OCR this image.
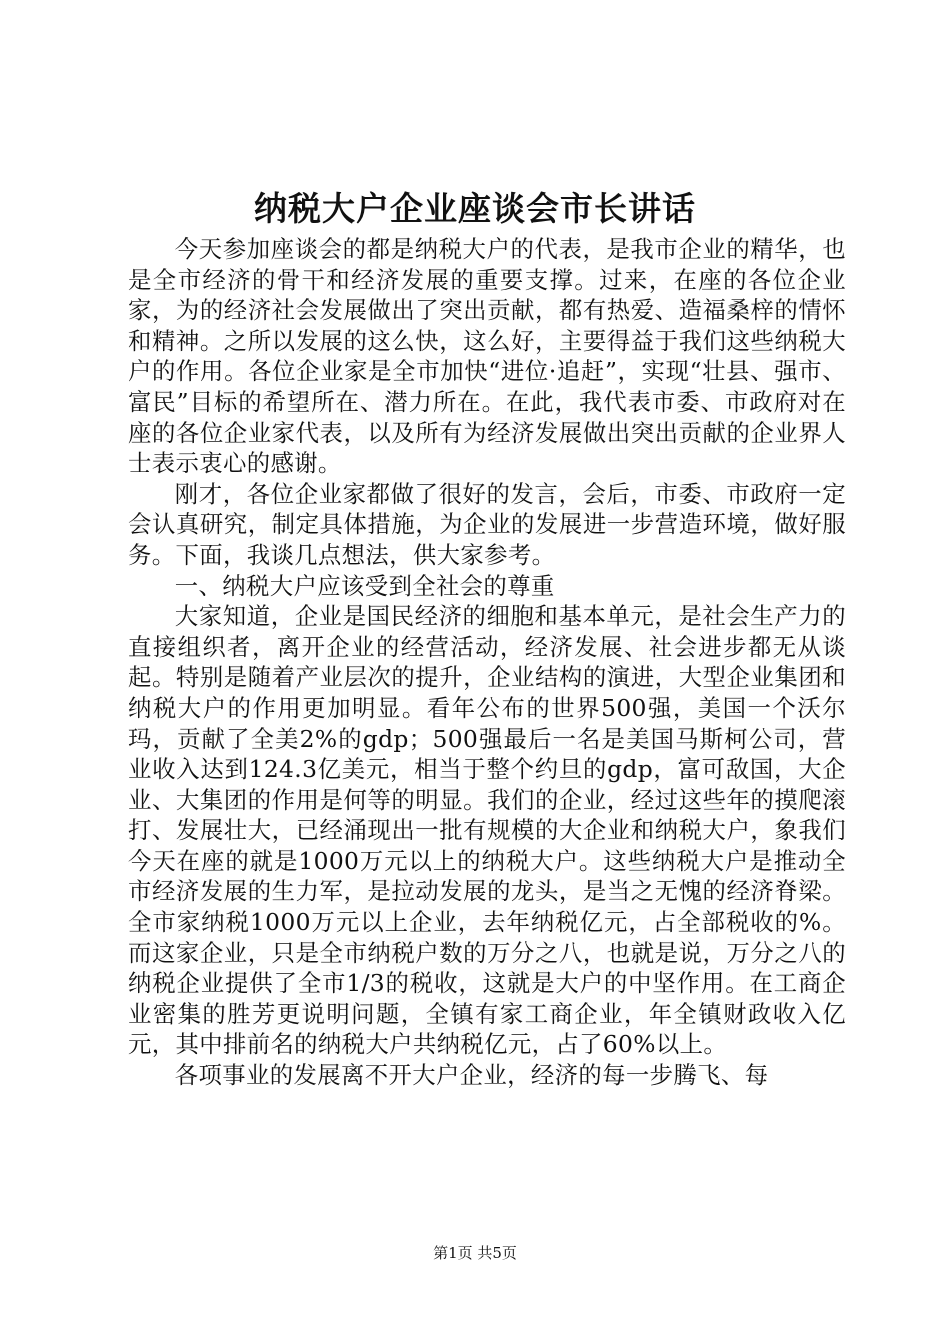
纳税大户企业座谈会市长讲话

今天参加座谈会的都是纳税大户的代表，是我市企业的精华，也是全市经济的骨干和经济发展的重要支撑。过来，在座的各位企业家，为的经济社会发展做出了突出贡献，都有热爱、造福桑梓的情怀和精神。之所以发展的这么快，这么好，主要得益于我们这些纳税大户的作用。各位企业家是全市加快“进位·追赶”，实现“壮县、强市、富民”目标的希望所在、潜力所在。在此，我代表市委、市政府对在座的各位企业家代表，以及所有为经济发展做出突出贡献的企业界人士表示衷心的感谢。

刚才，各位企业家都做了很好的发言，会后，市委、市政府一定会认真研究，制定具体措施，为企业的发展进一步营造环境，做好服务。下面，我谈几点想法，供大家参考。

一、纳税大户应该受到全社会的尊重

大家知道，企业是国民经济的细胞和基本单元，是社会生产力的直接组织者，离开企业的经营活动，经济发展、社会进步都无从谈起。特别是随着产业层次的提升，企业结构的演进，大型企业集团和纳税大户的作用更加明显。看年公布的世界500强，美国一个沃尔玛，贡献了全美2%的gdp；500强最后一名是美国马斯柯公司，营业收入达到124.3亿美元，相当于整个约旦的gdp，富可敌国，大企业、大集团的作用是何等的明显。我们的企业，经过这些年的摸爬滚打、发展壮大，已经涌现出一批有规模的大企业和纳税大户，象我们今天在座的就是1000万元以上的纳税大户。这些纳税大户是推动全市经济发展的生力军，是拉动发展的龙头，是当之无愧的经济脊梁。全市家纳税1000万元以上企业，去年纳税亿元，占全部税收的%。而这家企业，只是全市纳税户数的万分之八，也就是说，万分之八的纳税企业提供了全市1/3的税收，这就是大户的中坚作用。在工商企业密集的胜芳更说明问题，全镇有家工商企业，年全镇财政收入亿元，其中排前名的纳税大户共纳税亿元，占了60%以上。

各项事业的发展离不开大户企业，经济的每一步腾飞、每

第1页 共5页
